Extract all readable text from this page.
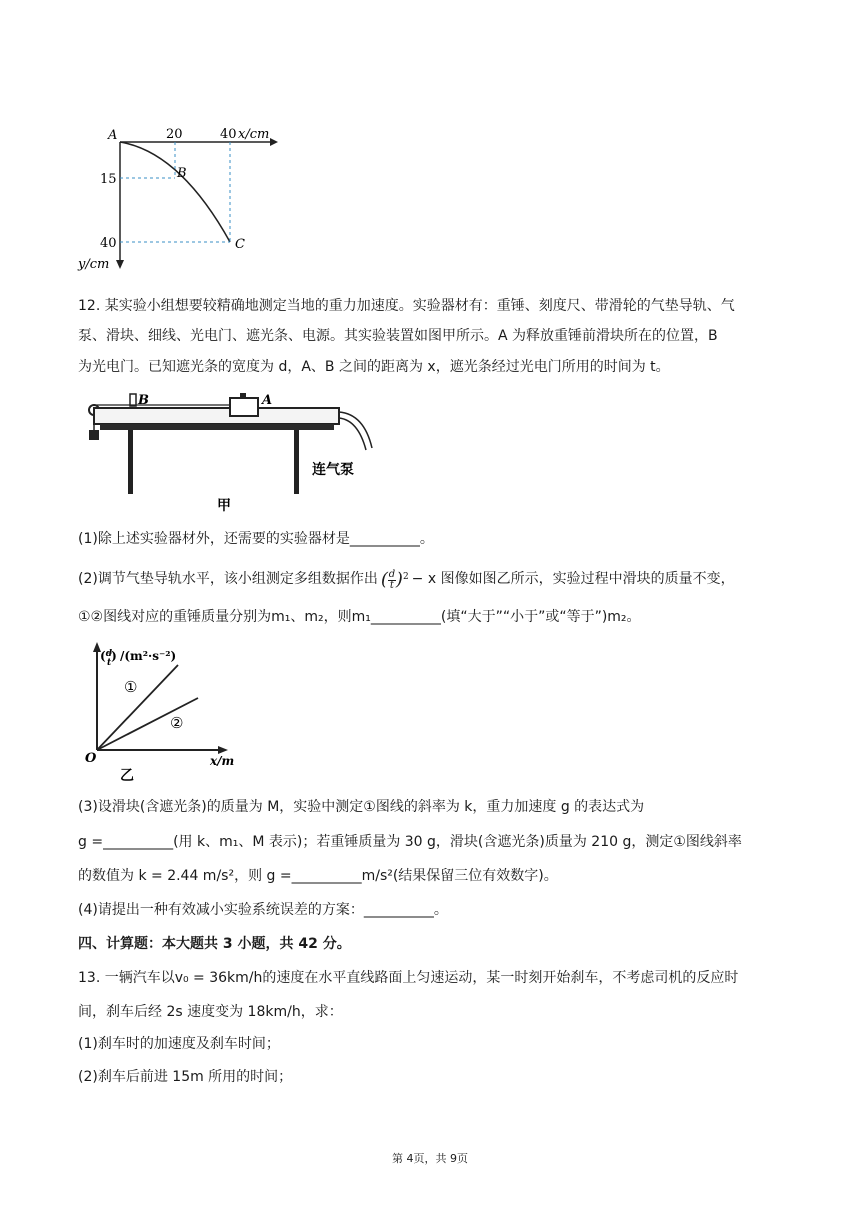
A	20	40 x/cm
15
40
B
C
y/cm
12. 某实验小组想要较精确地测定当地的重力加速度。实验器材有：重锤、刻度尺、带滑轮的气垫导轨、气
泵、滑块、细线、光电门、遮光条、电源。其实验装置如图甲所示。A 为释放重锤前滑块所在的位置，B
为光电门。已知遮光条的宽度为 d，A、B 之间的距离为 x，遮光条经过光电门所用的时间为 t。
B	A
连气泵
甲
(1)除上述实验器材外，还需要的实验器材是__________。
(2)调节气垫导轨水平，该小组测定多组数据作出 ( $\frac{d}{t} )^2 - x$ 图像如图乙所示，实验过程中滑块的质量不变，
①②图线对应的重锤质量分别为m₁、m₂，则m₁__________(填“大于”“小于”或“等于”)m₂。
($^d$ t) /(m²·s⁻²)
①
②
O	x/m
乙
(3)设滑块(含遮光条)的质量为 M，实验中测定①图线的斜率为 k，重力加速度 g 的表达式为
g =__________(用 k、m₁、M 表示)；若重锤质量为 30 g，滑块(含遮光条)质量为 210 g，测定①图线斜率
的数值为 k = 2.44 m/s²，则 g =__________m/s²(结果保留三位有效数字)。
(4)请提出一种有效减小实验系统误差的方案：__________。
四、计算题：本大题共 3 小题，共 42 分。
13. 一辆汽车以v₀ = 36km/h的速度在水平直线路面上匀速运动，某一时刻开始刹车，不考虑司机的反应时
间，刹车后经 2s 速度变为 18km/h，求：
(1)刹车时的加速度及刹车时间；
(2)刹车后前进 15m 所用的时间；
第 4页，共 9页
